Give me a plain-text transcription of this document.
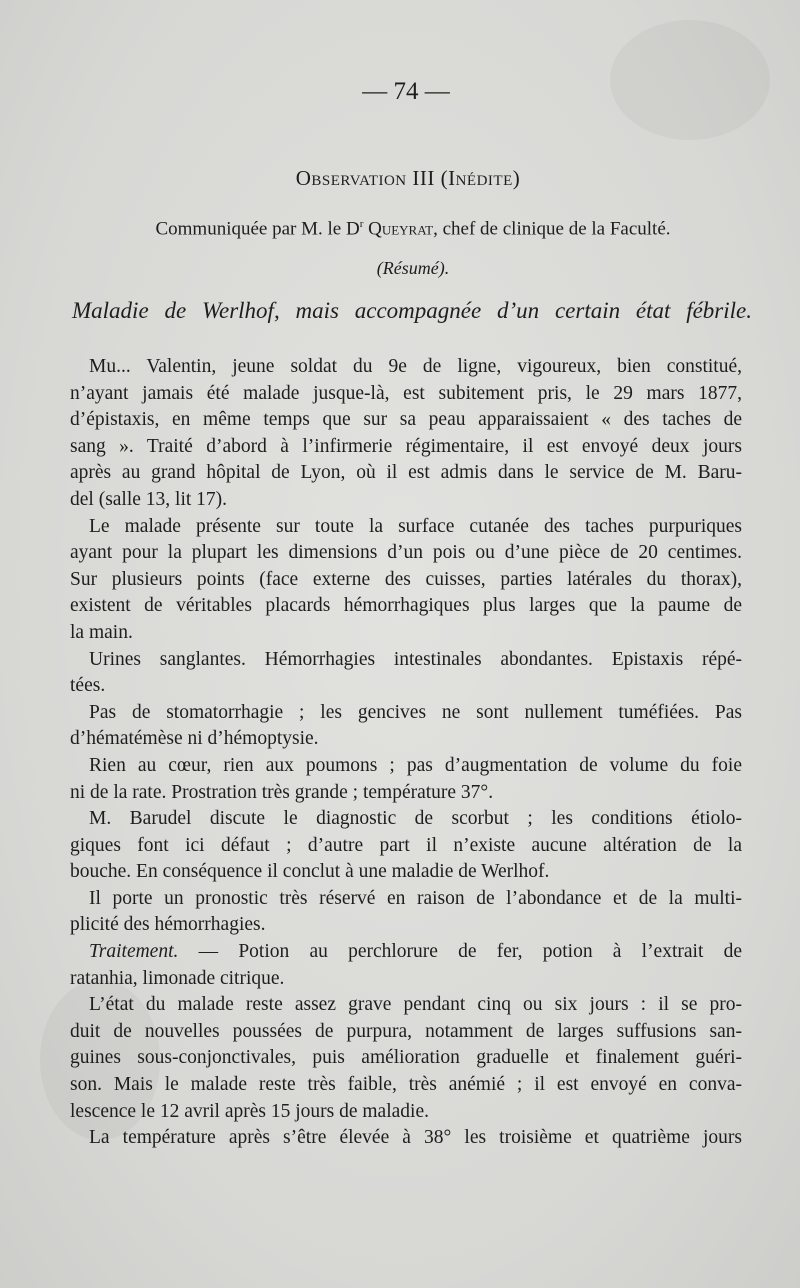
— 74 —
Observation III (Inédite)
Communiquée par M. le $D^r$ Queyrat, chef de clinique de la Faculté.
(Résumé).
Maladie de Werlhof, mais accompagnée d’un certain état fébrile.
Mu... Valentin, jeune soldat du 9e de ligne, vigoureux, bien constitué,
n’ayant jamais été malade jusque-là, est subitement pris, le 29 mars 1877,
d’épistaxis, en même temps que sur sa peau apparaissaient « des taches de
sang ». Traité d’abord à l’infirmerie régimentaire, il est envoyé deux jours
après au grand hôpital de Lyon, où il est admis dans le service de M. Baru-
del (salle 13, lit 17).
Le malade présente sur toute la surface cutanée des taches purpuriques
ayant pour la plupart les dimensions d’un pois ou d’une pièce de 20 centimes.
Sur plusieurs points (face externe des cuisses, parties latérales du thorax),
existent de véritables placards hémorrhagiques plus larges que la paume de
la main.
Urines sanglantes. Hémorrhagies intestinales abondantes. Epistaxis répé-
tées.
Pas de stomatorrhagie ; les gencives ne sont nullement tuméfiées. Pas
d’hématémèse ni d’hémoptysie.
Rien au cœur, rien aux poumons ; pas d’augmentation de volume du foie
ni de la rate. Prostration très grande ; température 37°.
M. Barudel discute le diagnostic de scorbut ; les conditions étiolo-
giques font ici défaut ; d’autre part il n’existe aucune altération de la
bouche. En conséquence il conclut à une maladie de Werlhof.
Il porte un pronostic très réservé en raison de l’abondance et de la multi-
plicité des hémorrhagies.
Traitement. — Potion au perchlorure de fer, potion à l’extrait de
ratanhia, limonade citrique.
L’état du malade reste assez grave pendant cinq ou six jours : il se pro-
duit de nouvelles poussées de purpura, notamment de larges suffusions san-
guines sous-conjonctivales, puis amélioration graduelle et finalement guéri-
son. Mais le malade reste très faible, très anémié ; il est envoyé en conva-
lescence le 12 avril après 15 jours de maladie.
La température après s’être élevée à 38° les troisième et quatrième jours
